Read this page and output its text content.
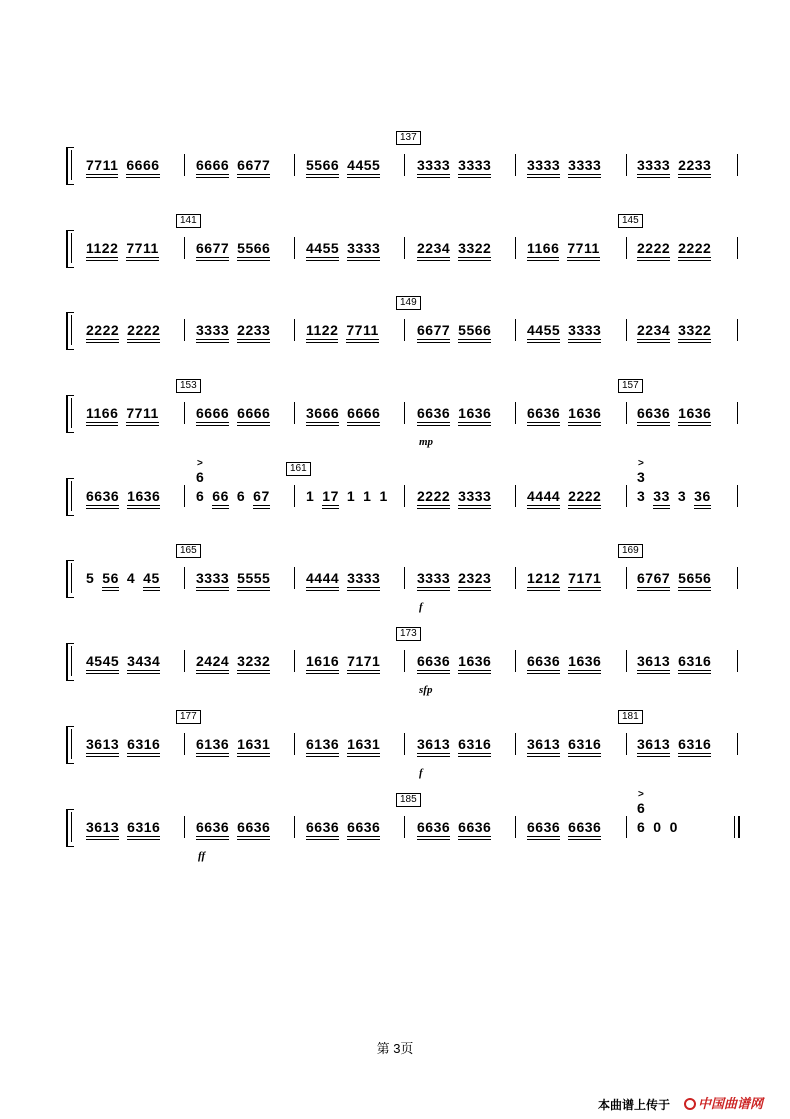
7711 6666	6666 6677	5566 4455	3333 3333	3333 3333	3333 2233
137
1122 7711	6677 5566	4455 3333	2234 3322	1166 7711	2222 2222
141	145
2222 2222	3333 2233	1122 7711	6677 5566	4455 3333	2234 3322
149
1166 7711	6666 6666	3666 6666	6636 1636	6636 1636	6636 1636
153	157
mp
6636 1636	6 66 6 67	1 17 1 1 1	2222 3333	4444 2222	3 33 3 36
161
>
6
>
3
5 56 4 45	3333 5555	4444 3333	3333 2323	1212 7171	6767 5656
165	169
f
4545 3434	2424 3232	1616 7171	6636 1636	6636 1636	3613 6316
173
sfp
3613 6316	6136 1631	6136 1631	3613 6316	3613 6316	3613 6316
177	181
f
3613 6316	6636 6636	6636 6636	6636 6636	6636 6636	6 0 0
185
ff
>
6
第 3页
本曲谱上传于	中国曲谱网
